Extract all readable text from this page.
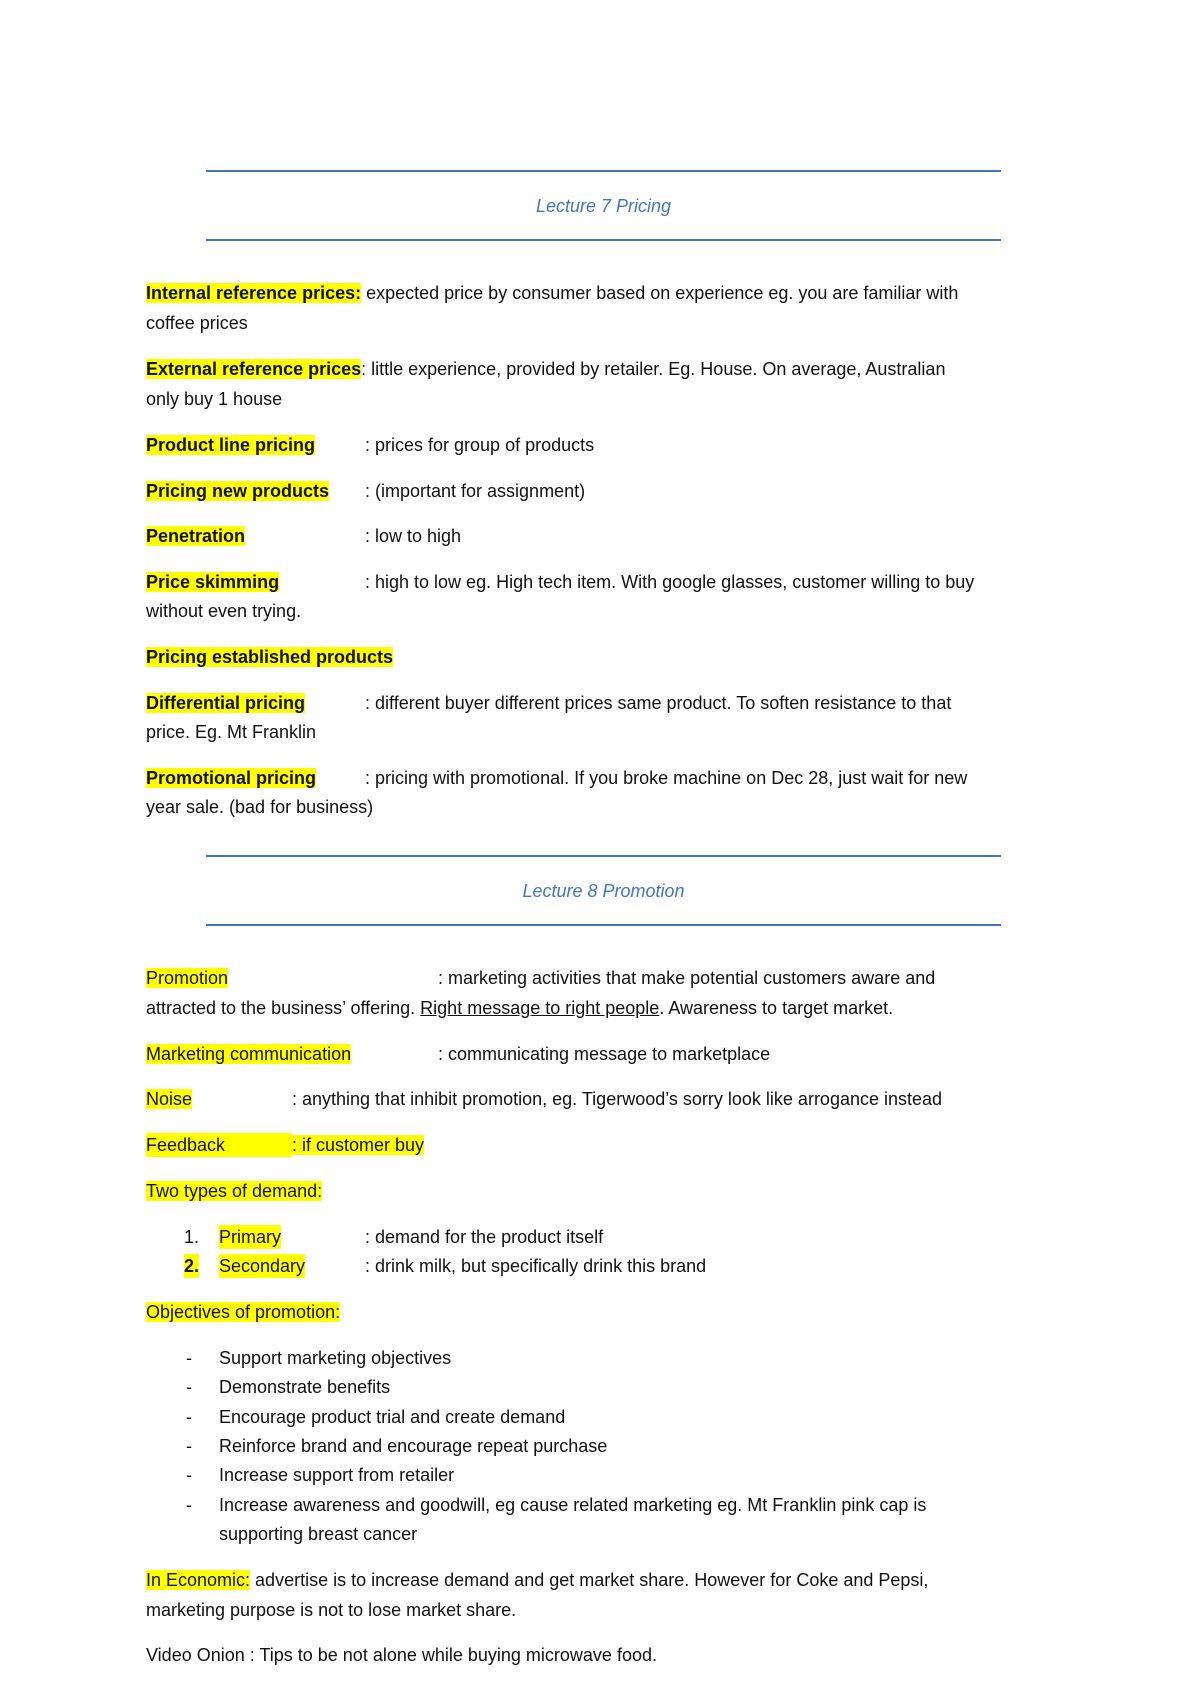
Lecture 7 Pricing
Internal reference prices: expected price by consumer based on experience eg. you are familiar with
coffee prices
External reference prices: little experience, provided by retailer. Eg. House. On average, Australian
only buy 1 house
Product line pricing	: prices for group of products
Pricing new products : (important for assignment)
Penetration	: low to high
Price skimming	: high to low eg. High tech item. With google glasses, customer willing to buy
without even trying.
Pricing established products
Differential pricing	: different buyer different prices same product. To soften resistance to that
price. Eg. Mt Franklin
Promotional pricing	: pricing with promotional. If you broke machine on Dec 28, just wait for new
year sale. (bad for business)
Lecture 8 Promotion
Promotion	: marketing activities that make potential customers aware and
attracted to the business’ offering. Right message to right people. Awareness to target market.
Marketing communication	: communicating message to marketplace
Noise	: anything that inhibit promotion, eg. Tigerwood’s sorry look like arrogance instead
Feedback	: if customer buy
Two types of demand:
1. Primary	: demand for the product itself
2. Secondary	: drink milk, but specifically drink this brand
Objectives of promotion:
- Support marketing objectives
- Demonstrate benefits
- Encourage product trial and create demand
- Reinforce brand and encourage repeat purchase
- Increase support from retailer
- Increase awareness and goodwill, eg cause related marketing eg. Mt Franklin pink cap is
supporting breast cancer
In Economic: advertise is to increase demand and get market share. However for Coke and Pepsi,
marketing purpose is not to lose market share.
Video Onion : Tips to be not alone while buying microwave food.
